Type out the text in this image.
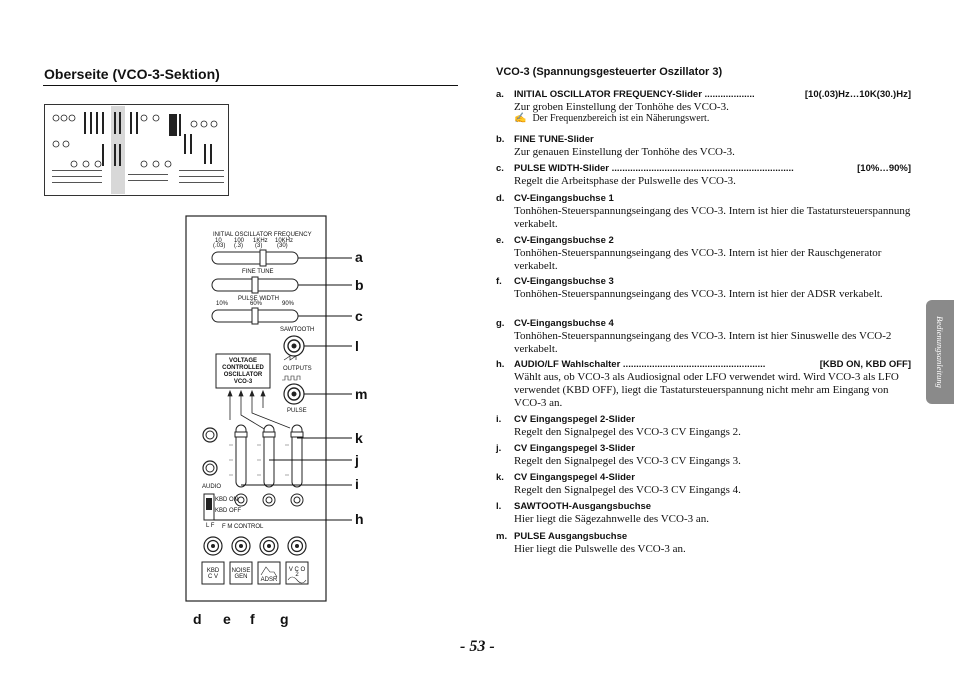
Oberseite (VCO-3-Sektion)
INITIAL OSCILLATOR FREQUENCY
10
(.03)
100
(.3)
1KHz
(3)
10KHz
(30)
FINE TUNE
PULSE WIDTH
10%	60%	90%
SAWTOOTH
OUTPUTS
PULSE
VOLTAGE
CONTROLLED
OSCILLATOR
VCO-3
AUDIO
KBD ON
KBD OFF
L F F M CONTROL
KBD
C V
NOISE
GEN ADSR
V C O
2
a
b
c
l
m
k
j
i
h
d e f g
VCO-3 (Spannungsgesteuerter Oszillator 3)
a. INITIAL OSCILLATOR FREQUENCY-Slider ...................	[10(.03)Hz…10K(30.)Hz]
Zur groben Einstellung der Tonhöhe des VCO-3.
✍ Der Frequenzbereich ist ein Näherungswert.
b. FINE TUNE-Slider
Zur genauen Einstellung der Tonhöhe des VCO-3.
c. PULSE WIDTH-Slider .....................................................................	[10%…90%]
Regelt die Arbeitsphase der Pulswelle des VCO-3.
d. CV-Eingangsbuchse 1
Tonhöhen-Steuerspannungseingang des VCO-3. Intern ist hier die Tastatursteuerspannung verkabelt.
e. CV-Eingangsbuchse 2
Tonhöhen-Steuerspannungseingang des VCO-3. Intern ist hier der Rauschgenerator verkabelt.
f. CV-Eingangsbuchse 3
Tonhöhen-Steuerspannungseingang des VCO-3. Intern ist hier der ADSR verkabelt.
g. CV-Eingangsbuchse 4
Tonhöhen-Steuerspannungseingang des VCO-3. Intern ist hier Sinuswelle des VCO-2 verkabelt.
h. AUDIO/LF Wahlschalter ......................................................	[KBD ON, KBD OFF]
Wählt aus, ob VCO-3 als Audiosignal oder LFO verwendet wird. Wird VCO-3 als LFO verwendet (KBD OFF), liegt die Tastatursteuerspannung nicht mehr am Eingang von VCO-3 an.
i. CV Eingangspegel 2-Slider
Regelt den Signalpegel des VCO-3 CV Eingangs 2.
j. CV Eingangspegel 3-Slider
Regelt den Signalpegel des VCO-3 CV Eingangs 3.
k. CV Eingangspegel 4-Slider
Regelt den Signalpegel des VCO-3 CV Eingangs 4.
l. SAWTOOTH-Ausgangsbuchse
Hier liegt die Sägezahnwelle des VCO-3 an.
m. PULSE Ausgangsbuchse
Hier liegt die Pulswelle des VCO-3 an.
Bedienungsanleitung
- 53 -
